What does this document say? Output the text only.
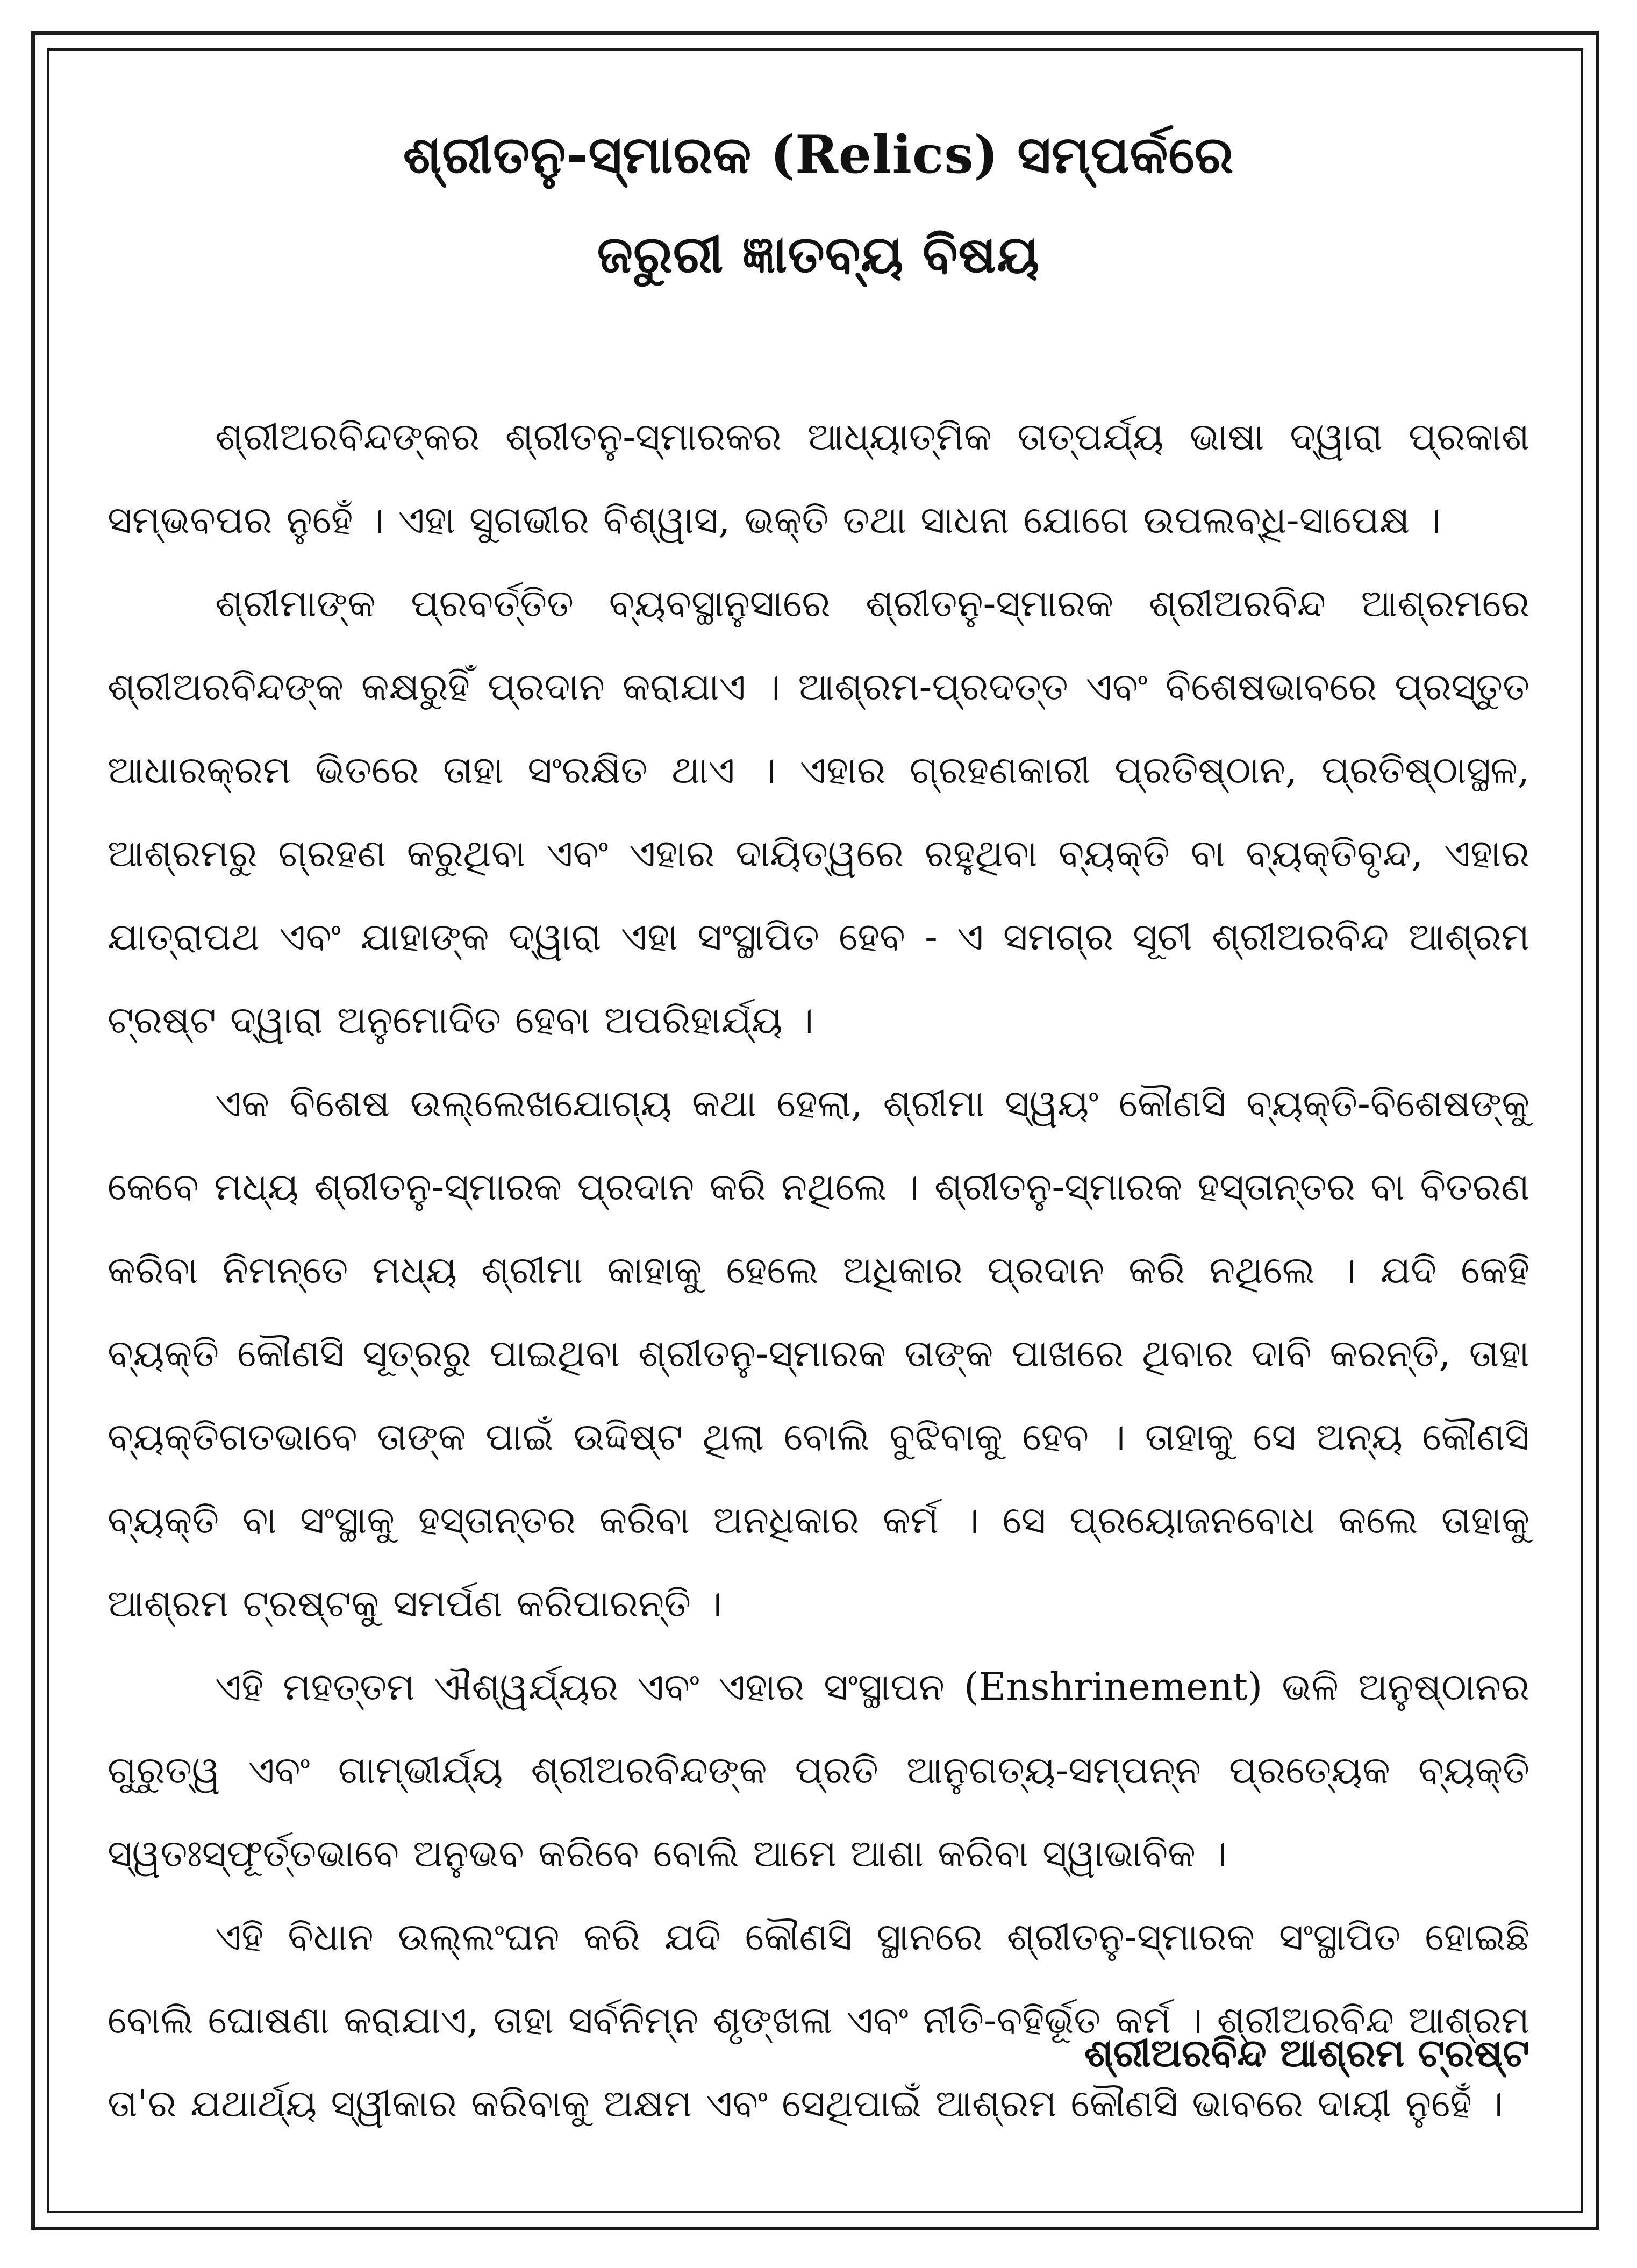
ଶ୍ରୀତନୁ-ସ୍ମାରକ (Relics) ସମ୍ପର୍କରେ
ଜରୁରୀ ଜ୍ଞାତବ୍ୟ ବିଷୟ

ଶ୍ରୀଅରବିନ୍ଦଙ୍କର ଶ୍ରୀତନୁ-ସ୍ମାରକର ଆଧ୍ୟାତ୍ମିକ ତାତ୍ପର୍ଯ୍ୟ ଭାଷା ଦ୍ୱାରା ପ୍ରକାଶ ସମ୍ଭବପର ନୁହେଁ । ଏହା ସୁଗଭୀର ବିଶ୍ୱାସ, ଭକ୍ତି ତଥା ସାଧନା ଯୋଗେ ଉପଲବ୍ଧି-ସାପେକ୍ଷ ।

ଶ୍ରୀମାଙ୍କ ପ୍ରବର୍ତ୍ତିତ ବ୍ୟବସ୍ଥାନୁସାରେ ଶ୍ରୀତନୁ-ସ୍ମାରକ ଶ୍ରୀଅରବିନ୍ଦ ଆଶ୍ରମରେ ଶ୍ରୀଅରବିନ୍ଦଙ୍କ କକ୍ଷରୁହିଁ ପ୍ରଦାନ କରାଯାଏ । ଆଶ୍ରମ-ପ୍ରଦତ୍ତ ଏବଂ ବିଶେଷଭାବରେ ପ୍ରସ୍ତୁତ ଆଧାରକ୍ରମ ଭିତରେ ତାହା ସଂରକ୍ଷିତ ଥାଏ । ଏହାର ଗ୍ରହଣକାରୀ ପ୍ରତିଷ୍ଠାନ, ପ୍ରତିଷ୍ଠାସ୍ଥଳ, ଆଶ୍ରମରୁ ଗ୍ରହଣ କରୁଥିବା ଏବଂ ଏହାର ଦାୟିତ୍ୱରେ ରହୁଥିବା ବ୍ୟକ୍ତି ବା ବ୍ୟକ୍ତିବୃନ୍ଦ, ଏହାର ଯାତ୍ରାପଥ ଏବଂ ଯାହାଙ୍କ ଦ୍ୱାରା ଏହା ସଂସ୍ଥାପିତ ହେବ - ଏ ସମଗ୍ର ସୂଚୀ ଶ୍ରୀଅରବିନ୍ଦ ଆଶ୍ରମ ଟ୍ରଷ୍ଟ ଦ୍ୱାରା ଅନୁମୋଦିତ ହେବା ଅପରିହାର୍ଯ୍ୟ ।

ଏକ ବିଶେଷ ଉଲ୍ଲେଖଯୋଗ୍ୟ କଥା ହେଲା, ଶ୍ରୀମା ସ୍ୱୟଂ କୌଣସି ବ୍ୟକ୍ତି-ବିଶେଷଙ୍କୁ କେବେ ମଧ୍ୟ ଶ୍ରୀତନୁ-ସ୍ମାରକ ପ୍ରଦାନ କରି ନଥିଲେ । ଶ୍ରୀତନୁ-ସ୍ମାରକ ହସ୍ତାନ୍ତର ବା ବିତରଣ କରିବା ନିମନ୍ତେ ମଧ୍ୟ ଶ୍ରୀମା କାହାକୁ ହେଲେ ଅଧିକାର ପ୍ରଦାନ କରି ନଥିଲେ । ଯଦି କେହି ବ୍ୟକ୍ତି କୌଣସି ସୂତ୍ରରୁ ପାଇଥିବା ଶ୍ରୀତନୁ-ସ୍ମାରକ ତାଙ୍କ ପାଖରେ ଥିବାର ଦାବି କରନ୍ତି, ତାହା ବ୍ୟକ୍ତିଗତଭାବେ ତାଙ୍କ ପାଇଁ ଉଦ୍ଦିଷ୍ଟ ଥିଲା ବୋଲି ବୁଝିବାକୁ ହେବ । ତାହାକୁ ସେ ଅନ୍ୟ କୌଣସି ବ୍ୟକ୍ତି ବା ସଂସ୍ଥାକୁ ହସ୍ତାନ୍ତର କରିବା ଅନଧିକାର କର୍ମ । ସେ ପ୍ରୟୋଜନବୋଧ କଲେ ତାହାକୁ ଆଶ୍ରମ ଟ୍ରଷ୍ଟକୁ ସମର୍ପଣ କରିପାରନ୍ତି ।

ଏହି ମହତ୍ତମ ଐଶ୍ୱର୍ଯ୍ୟର ଏବଂ ଏହାର ସଂସ୍ଥାପନ (Enshrinement) ଭଳି ଅନୁଷ୍ଠାନର ଗୁରୁତ୍ୱ ଏବଂ ଗାମ୍ଭୀର୍ଯ୍ୟ ଶ୍ରୀଅରବିନ୍ଦଙ୍କ ପ୍ରତି ଆନୁଗତ୍ୟ-ସମ୍ପନ୍ନ ପ୍ରତ୍ୟେକ ବ୍ୟକ୍ତି ସ୍ୱତଃସ୍ଫୂର୍ତ୍ତଭାବେ ଅନୁଭବ କରିବେ ବୋଲି ଆମେ ଆଶା କରିବା ସ୍ୱାଭାବିକ ।

ଏହି ବିଧାନ ଉଲ୍ଲଂଘନ କରି ଯଦି କୌଣସି ସ୍ଥାନରେ ଶ୍ରୀତନୁ-ସ୍ମାରକ ସଂସ୍ଥାପିତ ହୋଇଛି ବୋଲି ଘୋଷଣା କରାଯାଏ, ତାହା ସର୍ବନିମ୍ନ ଶୃଙ୍ଖଳା ଏବଂ ନୀତି-ବହିର୍ଭୂତ କର୍ମ । ଶ୍ରୀଅରବିନ୍ଦ ଆଶ୍ରମ ତା'ର ଯଥାର୍ଥ୍ୟ ସ୍ୱୀକାର କରିବାକୁ ଅକ୍ଷମ ଏବଂ ସେଥିପାଇଁ ଆଶ୍ରମ କୌଣସି ଭାବରେ ଦାୟୀ ନୁହେଁ ।

ଶ୍ରୀଅରବିନ୍ଦ ଆଶ୍ରମ ଟ୍ରଷ୍ଟ
